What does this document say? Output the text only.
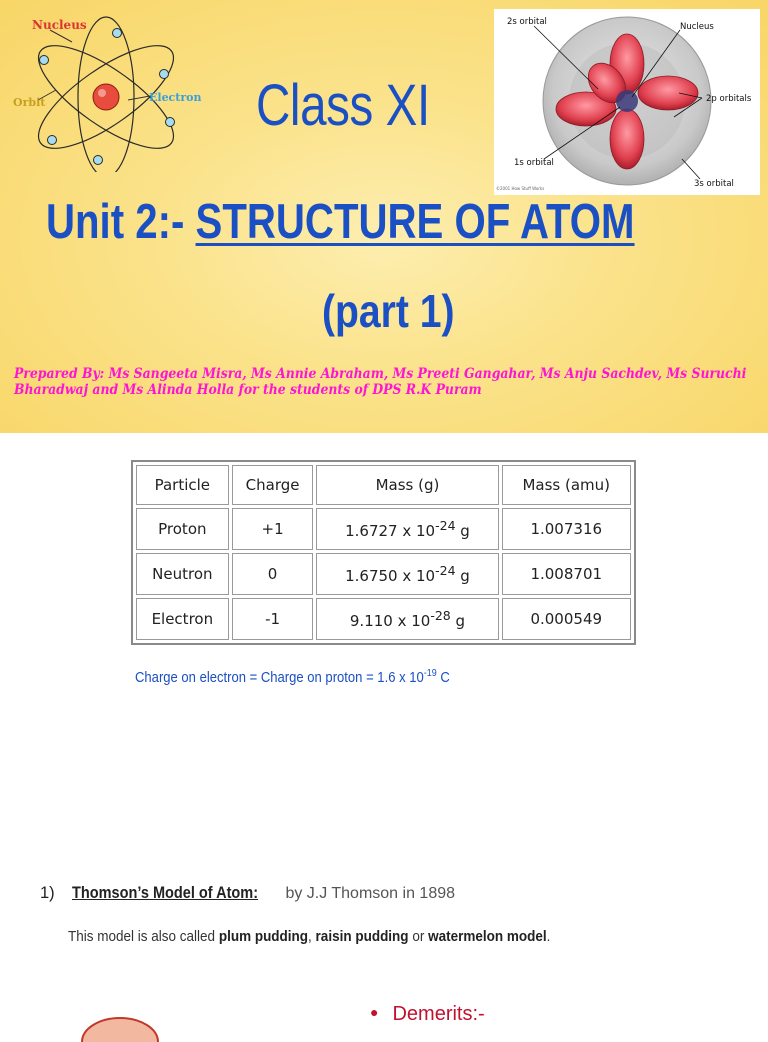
Nucleus
Orbit	Electron Class XI
2s orbital	Nucleus
2p orbitals
1s orbital
3s orbital
©2001 How Stuff Works
Unit 2:- STRUCTURE OF ATOM
(part 1)
Prepared By: Ms Sangeeta Misra, Ms Annie Abraham, Ms Preeti Gangahar, Ms Anju Sachdev, Ms Suruchi Bharadwaj and Ms Alinda Holla for the students of DPS R.K Puram
Particle	Charge	Mass (g)	Mass (amu)
Proton	+1	1.6727 x $10^{-24}$ g	1.007316
Neutron	0	1.6750 x $10^{-24}$ g	1.008701
Electron	-1	9.110 x $10^{-28}$ g	0.000549
Charge on electron = Charge on proton = 1.6 x $10^{-19}$ C
1) Thomson’s Model of Atom: by J.J Thomson in 1898
This model is also called plum pudding, raisin pudding or watermelon model.
● Demerits:-
